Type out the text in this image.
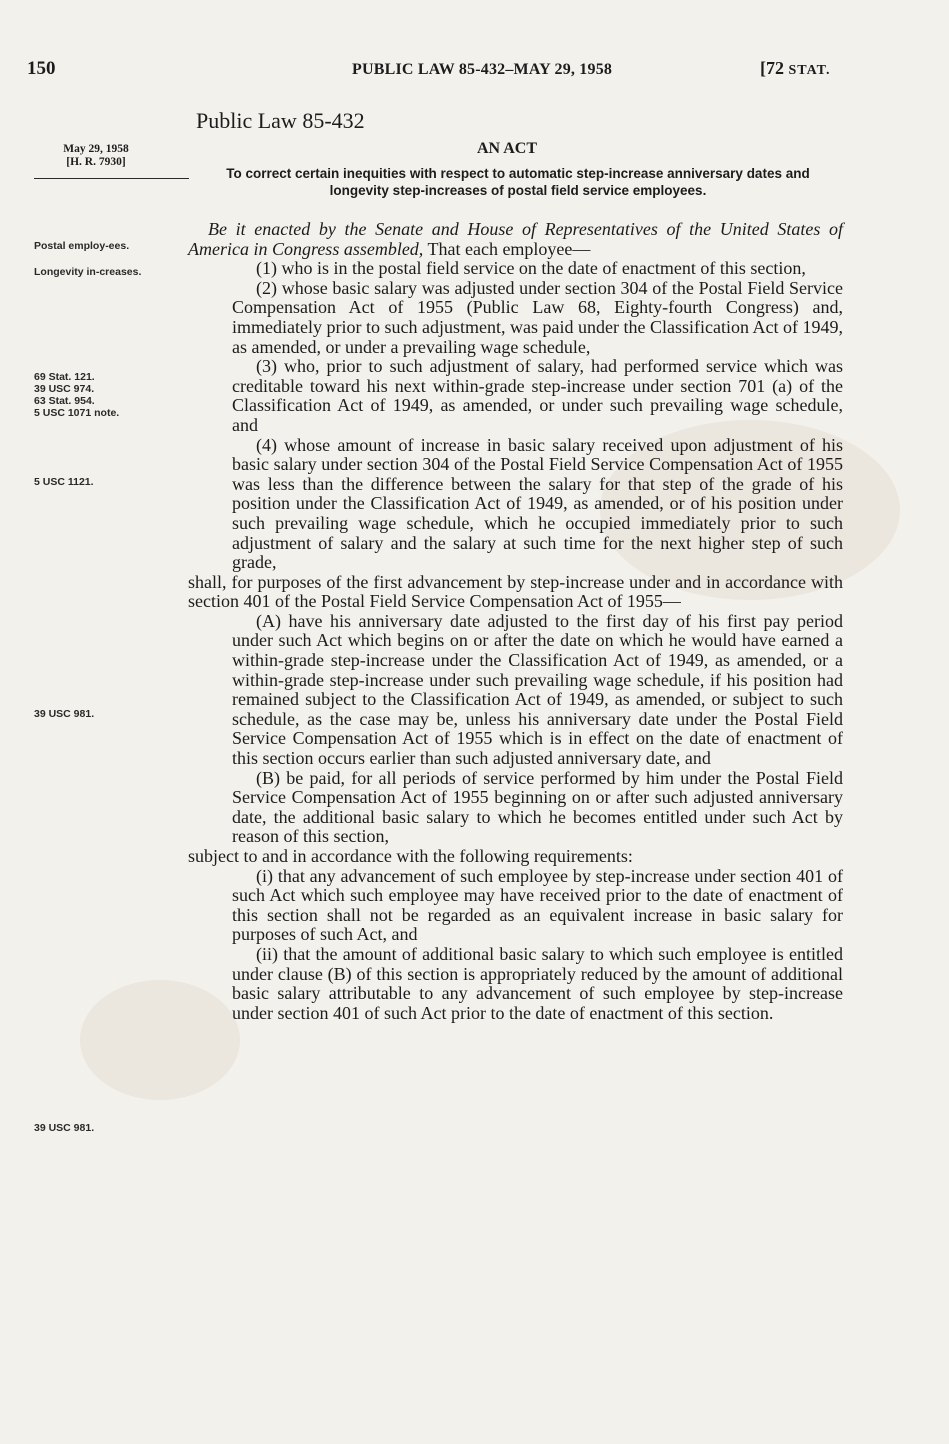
150	PUBLIC LAW 85-432–MAY 29, 1958	[72 STAT.
Public Law 85-432
AN ACT
May 29, 1958
[H. R. 7930]
To correct certain inequities with respect to automatic step-increase anniversary dates and longevity step-increases of postal field service employees.
Postal employ-ees.
Longevity in-creases.
69 Stat. 121.
39 USC 974.
63 Stat. 954.
5 USC 1071 note.
5 USC 1121.
39 USC 981.
39 USC 981.

Be it enacted by the Senate and House of Representatives of the United States of America in Congress assembled, That each employee—

(1) who is in the postal field service on the date of enactment of this section,

(2) whose basic salary was adjusted under section 304 of the Postal Field Service Compensation Act of 1955 (Public Law 68, Eighty-fourth Congress) and, immediately prior to such adjustment, was paid under the Classification Act of 1949, as amended, or under a prevailing wage schedule,

(3) who, prior to such adjustment of salary, had performed service which was creditable toward his next within-grade step-increase under section 701 (a) of the Classification Act of 1949, as amended, or under such prevailing wage schedule, and

(4) whose amount of increase in basic salary received upon adjustment of his basic salary under section 304 of the Postal Field Service Compensation Act of 1955 was less than the difference between the salary for that step of the grade of his position under the Classification Act of 1949, as amended, or of his position under such prevailing wage schedule, which he occupied immediately prior to such adjustment of salary and the salary at such time for the next higher step of such grade,

shall, for purposes of the first advancement by step-increase under and in accordance with section 401 of the Postal Field Service Compensation Act of 1955—

(A) have his anniversary date adjusted to the first day of his first pay period under such Act which begins on or after the date on which he would have earned a within-grade step-increase under the Classification Act of 1949, as amended, or a within-grade step-increase under such prevailing wage schedule, if his position had remained subject to the Classification Act of 1949, as amended, or subject to such schedule, as the case may be, unless his anniversary date under the Postal Field Service Compensation Act of 1955 which is in effect on the date of enactment of this section occurs earlier than such adjusted anniversary date, and

(B) be paid, for all periods of service performed by him under the Postal Field Service Compensation Act of 1955 beginning on or after such adjusted anniversary date, the additional basic salary to which he becomes entitled under such Act by reason of this section,

subject to and in accordance with the following requirements:

(i) that any advancement of such employee by step-increase under section 401 of such Act which such employee may have received prior to the date of enactment of this section shall not be regarded as an equivalent increase in basic salary for purposes of such Act, and

(ii) that the amount of additional basic salary to which such employee is entitled under clause (B) of this section is appropriately reduced by the amount of additional basic salary attributable to any advancement of such employee by step-increase under section 401 of such Act prior to the date of enactment of this section.
